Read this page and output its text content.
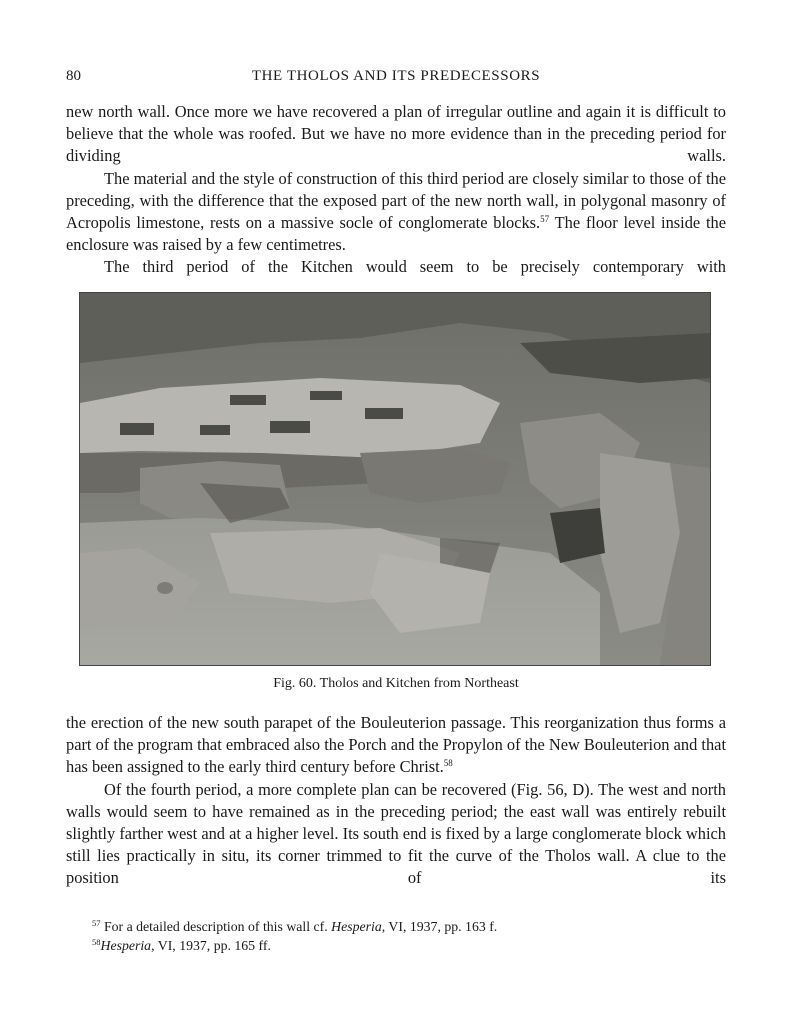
80	THE THOLOS AND ITS PREDECESSORS

new north wall. Once more we have recovered a plan of irregular outline and again it is difficult to believe that the whole was roofed. But we have no more evidence than in the preceding period for dividing walls.

The material and the style of construction of this third period are closely similar to those of the preceding, with the difference that the exposed part of the new north wall, in polygonal masonry of Acropolis limestone, rests on a massive socle of conglomerate blocks.$^{57}$ The floor level inside the enclosure was raised by a few centimetres.

The third period of the Kitchen would seem to be precisely contemporary with

Fig. 60. Tholos and Kitchen from Northeast

the erection of the new south parapet of the Bouleuterion passage. This reorganization thus forms a part of the program that embraced also the Porch and the Propylon of the New Bouleuterion and that has been assigned to the early third century before Christ.$^{58}$

Of the fourth period, a more complete plan can be recovered (Fig. 56, D). The west and north walls would seem to have remained as in the preceding period; the east wall was entirely rebuilt slightly farther west and at a higher level. Its south end is fixed by a large conglomerate block which still lies practically in situ, its corner trimmed to fit the curve of the Tholos wall. A clue to the position of its

$^{57}$ For a detailed description of this wall cf. Hesperia, VI, 1937, pp. 163 f.

$^{58}$Hesperia, VI, 1937, pp. 165 ff.
